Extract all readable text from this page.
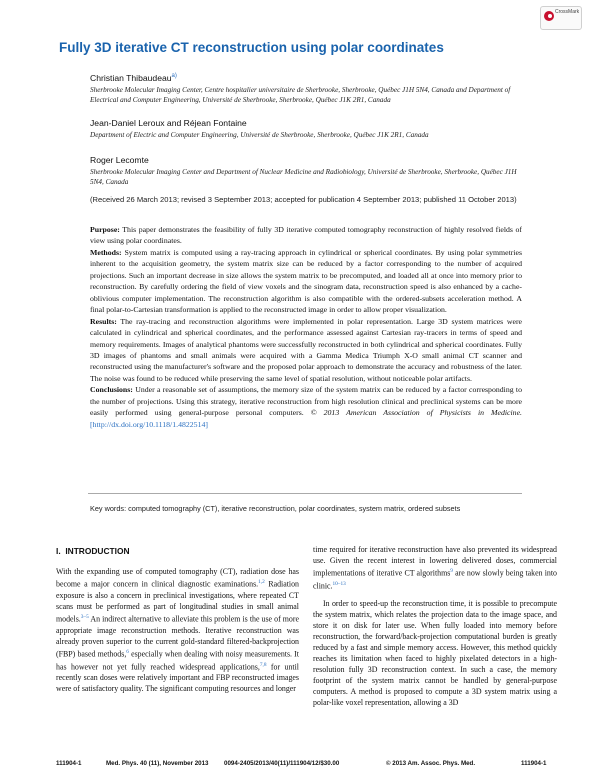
CrossMark
Fully 3D iterative CT reconstruction using polar coordinates
Christian Thibaudeau$^{a)}$
Sherbrooke Molecular Imaging Center, Centre hospitalier universitaire de Sherbrooke, Sherbrooke, Québec J1H 5N4, Canada and Department of Electrical and Computer Engineering, Université de Sherbrooke, Sherbrooke, Québec J1K 2R1, Canada
Jean-Daniel Leroux and Réjean Fontaine
Department of Electric and Computer Engineering, Université de Sherbrooke, Sherbrooke, Québec J1K 2R1, Canada
Roger Lecomte
Sherbrooke Molecular Imaging Center and Department of Nuclear Medicine and Radiobiology, Université de Sherbrooke, Sherbrooke, Québec J1H 5N4, Canada
(Received 26 March 2013; revised 3 September 2013; accepted for publication 4 September 2013; published 11 October 2013)

Purpose: This paper demonstrates the feasibility of fully 3D iterative computed tomography reconstruction of highly resolved fields of view using polar coordinates.

Methods: System matrix is computed using a ray-tracing approach in cylindrical or spherical coordinates. By using polar symmetries inherent to the acquisition geometry, the system matrix size can be reduced by a factor corresponding to the number of acquired projections. Such an important decrease in size allows the system matrix to be precomputed, and loaded all at once into memory prior to reconstruction. By carefully ordering the field of view voxels and the sinogram data, reconstruction speed is also enhanced by a cache-oblivious computer implementation. The reconstruction algorithm is also compatible with the ordered-subsets acceleration method. A final polar-to-Cartesian transformation is applied to the reconstructed image in order to allow proper visualization.

Results: The ray-tracing and reconstruction algorithms were implemented in polar representation. Large 3D system matrices were calculated in cylindrical and spherical coordinates, and the performance assessed against Cartesian ray-tracers in terms of speed and memory requirements. Images of analytical phantoms were successfully reconstructed in both cylindrical and spherical coordinates. Fully 3D images of phantoms and small animals were acquired with a Gamma Medica Triumph X-O small animal CT scanner and reconstructed using the manufacturer's software and the proposed polar approach to demonstrate the accuracy and robustness of the later. The noise was found to be reduced while preserving the same level of spatial resolution, without noticeable polar artifacts.

Conclusions: Under a reasonable set of assumptions, the memory size of the system matrix can be reduced by a factor corresponding to the number of projections. Using this strategy, iterative reconstruction from high resolution clinical and preclinical systems can be more easily performed using general-purpose personal computers. © 2013 American Association of Physicists in Medicine. [http://dx.doi.org/10.1118/1.4822514]

Key words: computed tomography (CT), iterative reconstruction, polar coordinates, system matrix, ordered subsets
I. INTRODUCTION

With the expanding use of computed tomography (CT), radiation dose has become a major concern in clinical diagnostic examinations.$^{1,2}$ Radiation exposure is also a concern in preclinical investigations, where repeated CT scans must be performed as part of longitudinal studies in small animal models.$^{3-5}$ An indirect alternative to alleviate this problem is the use of more appropriate image reconstruction methods. Iterative reconstruction was already proven superior to the current gold-standard filtered-backprojection (FBP) based methods,$^6$ especially when dealing with noisy measurements. It has however not yet fully reached widespread applications,$^{7,8}$ for until recently scan doses were relatively important and FBP reconstructed images were of satisfactory quality. The significant computing resources and longer

time required for iterative reconstruction have also prevented its widespread use. Given the recent interest in lowering delivered doses, commercial implementations of iterative CT algorithms$^9$ are now slowly being taken into clinic.$^{10-13}$

In order to speed-up the reconstruction time, it is possible to precompute the system matrix, which relates the projection data to the image space, and store it on disk for later use. When fully loaded into memory before reconstruction, the forward/back-projection computational burden is greatly reduced by a fast and simple memory access. However, this method quickly reaches its limitation when faced to highly pixelated detectors in a high-resolution fully 3D reconstruction context. In such a case, the memory footprint of the system matrix cannot be handled by general-purpose computers. A method is proposed to compute a 3D system matrix using a polar-like voxel representation, allowing a 3D

111904-1	Med. Phys. 40 (11), November 2013	0094-2405/2013/40(11)/111904/12/$30.00	© 2013 Am. Assoc. Phys. Med.	111904-1
